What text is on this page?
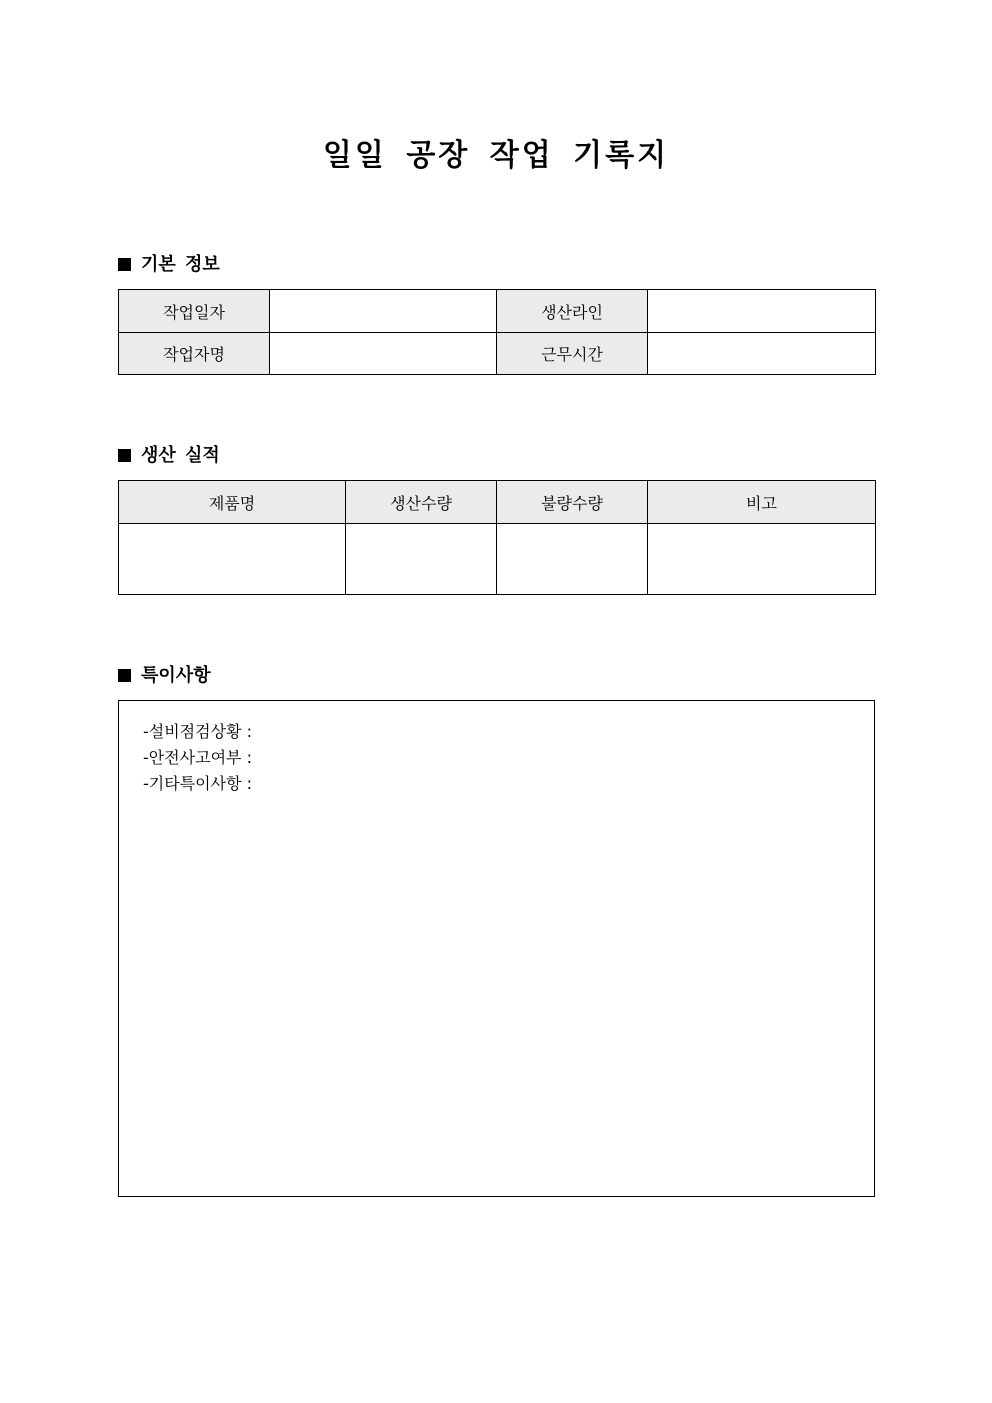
일일 공장 작업 기록지
기본 정보
작업일자		생산라인	
작업자명		근무시간	
생산 실적
제품명	생산수량	불량수량	비고

특이사항
-설비점검상황 :
-안전사고여부 :
-기타특이사항 :
